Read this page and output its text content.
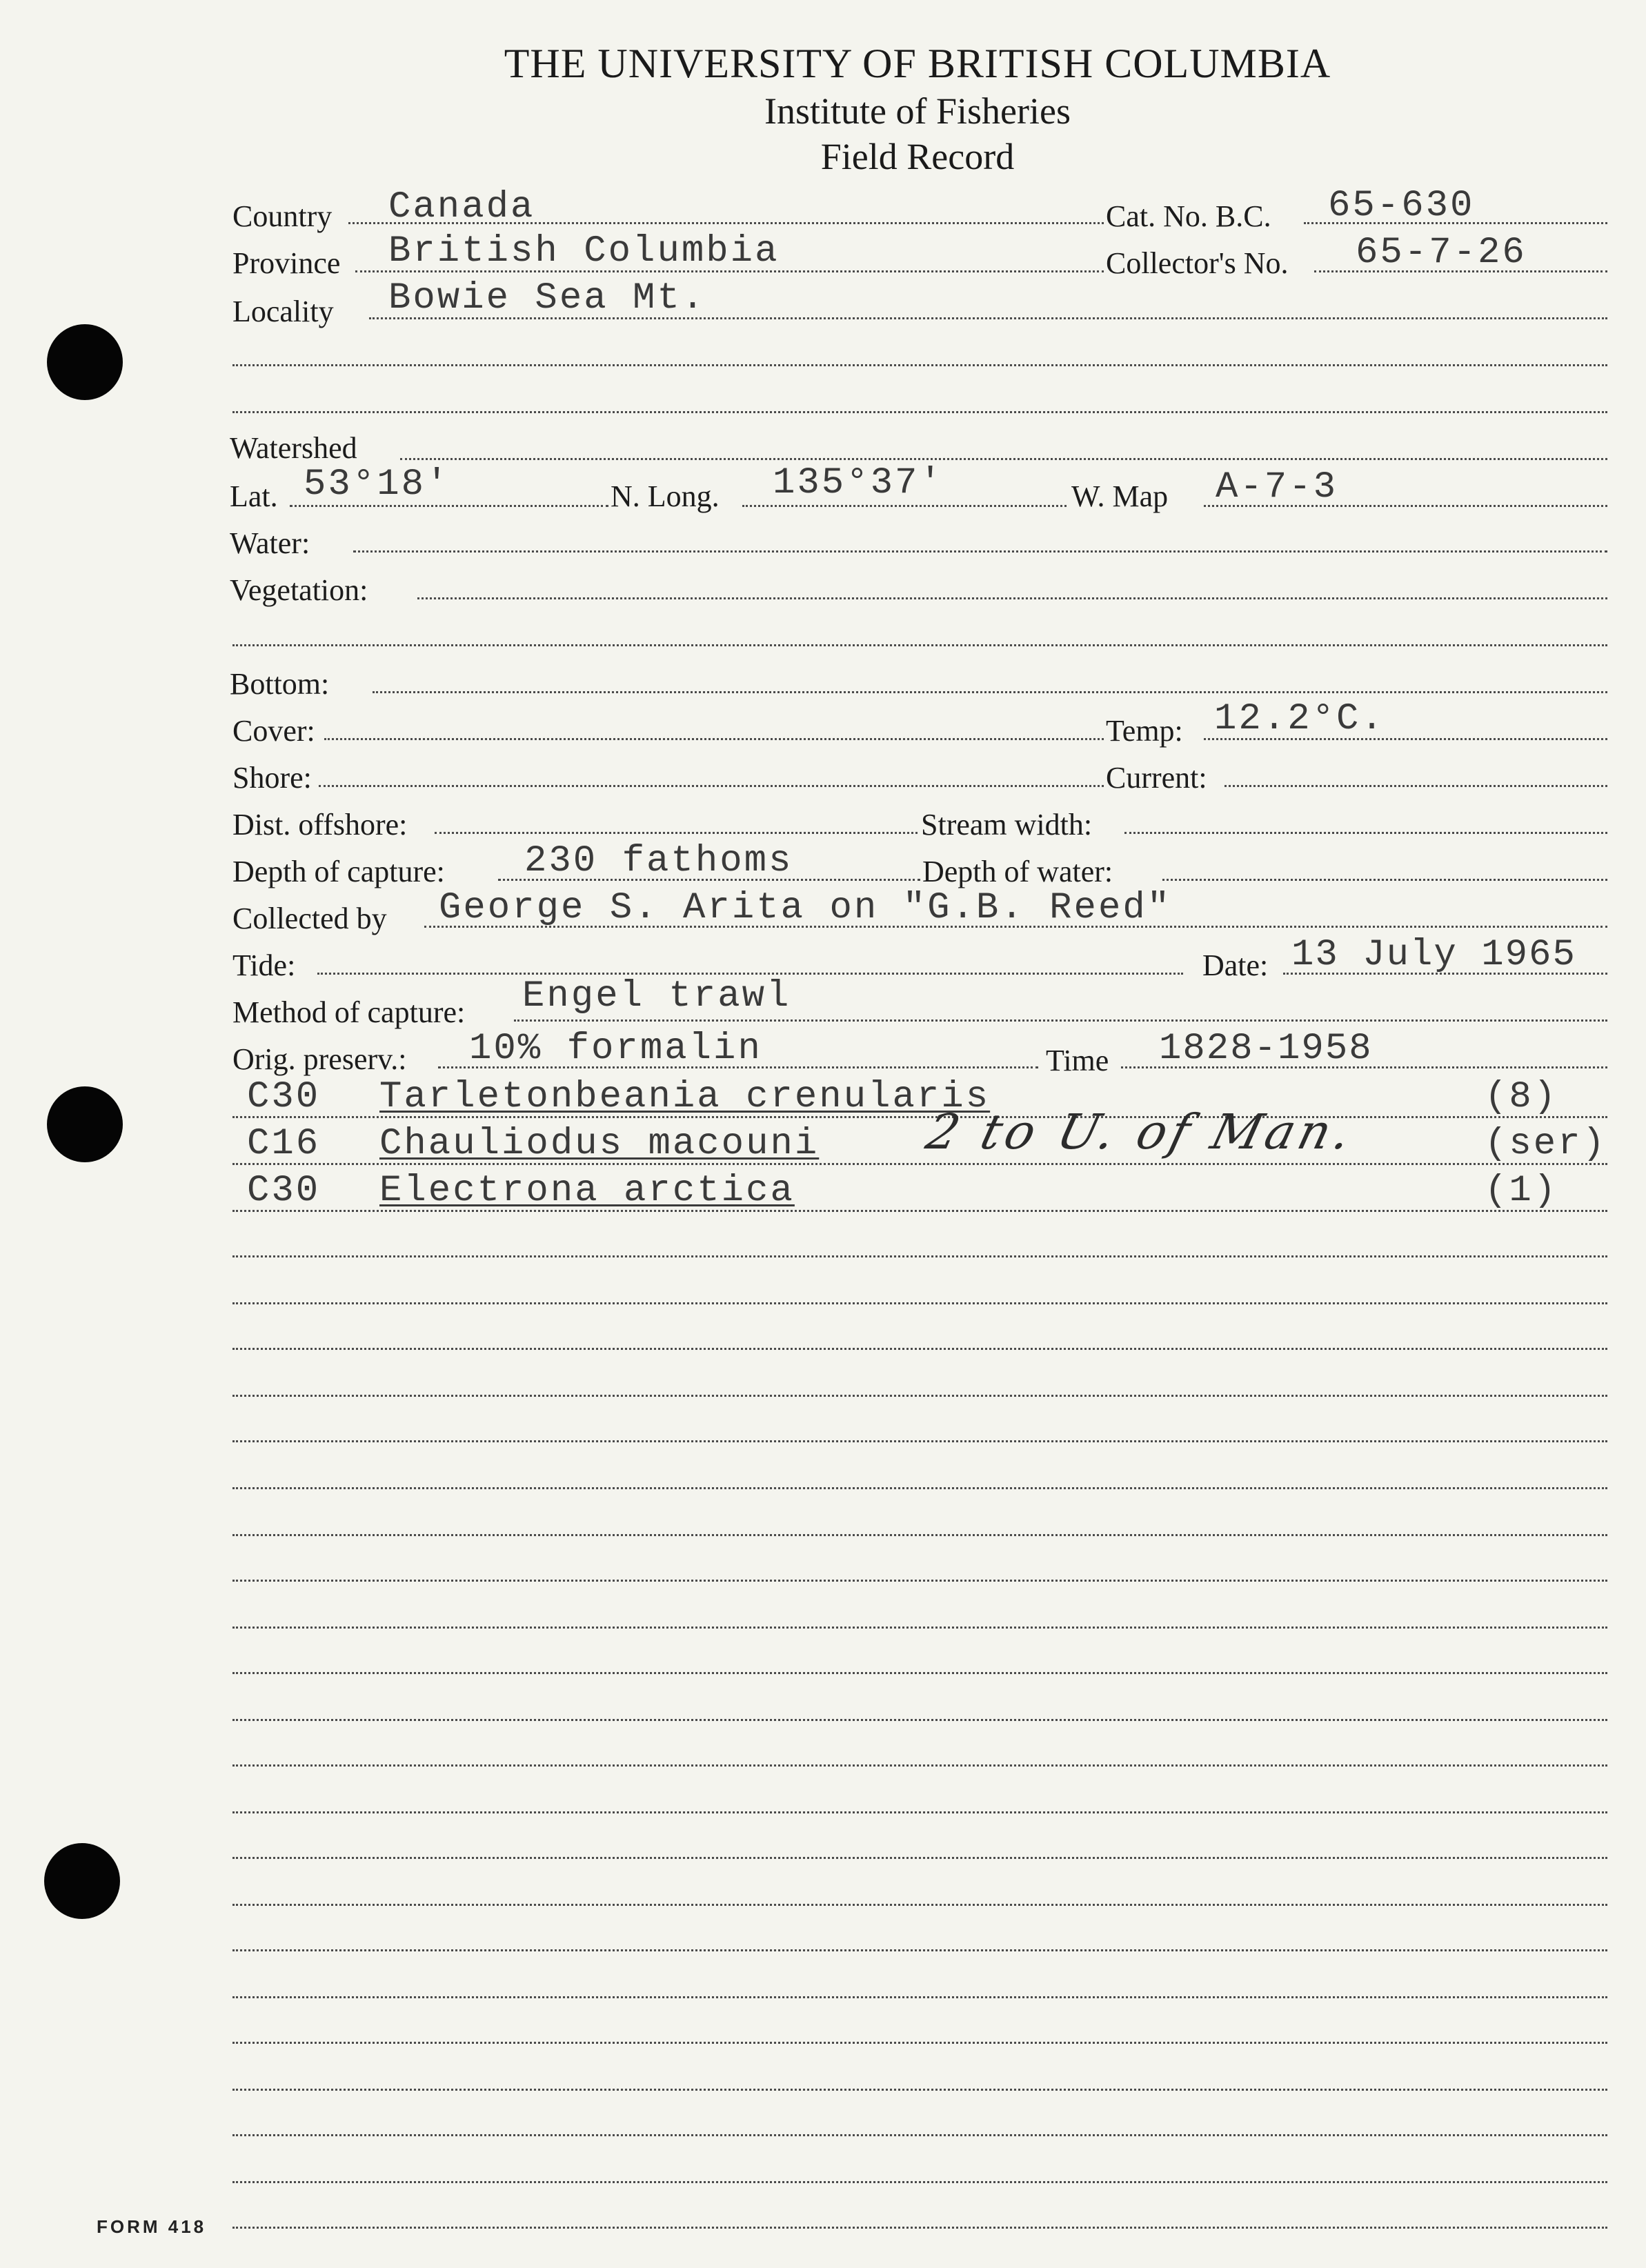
THE UNIVERSITY OF BRITISH COLUMBIA
Institute of Fisheries
Field Record
Country Canada	Cat. No. B.C. 65-630
Province British Columbia	Collector's No. 65-7-26
Locality Bowie Sea Mt.
Watershed
Lat. 53°18'	N. Long. 135°37'	W. Map A-7-3
Water:
Vegetation:
Bottom:
Cover:	Temp: 12.2°C.
Shore:	Current:
Dist. offshore:	Stream width:
Depth of capture: 230 fathoms	Depth of water:
Collected by George S. Arita on "G.B. Reed"
Tide:	Date: 13 July 1965
Method of capture: Engel trawl
Orig. preserv.: 10% formalin	Time 1828-1958
C30 Tarletonbeania crenularis	(8)
C16 Chauliodus macouni	(ser)
C30 Electrona arctica	(1)
2 to U. of Man.
FORM 418
